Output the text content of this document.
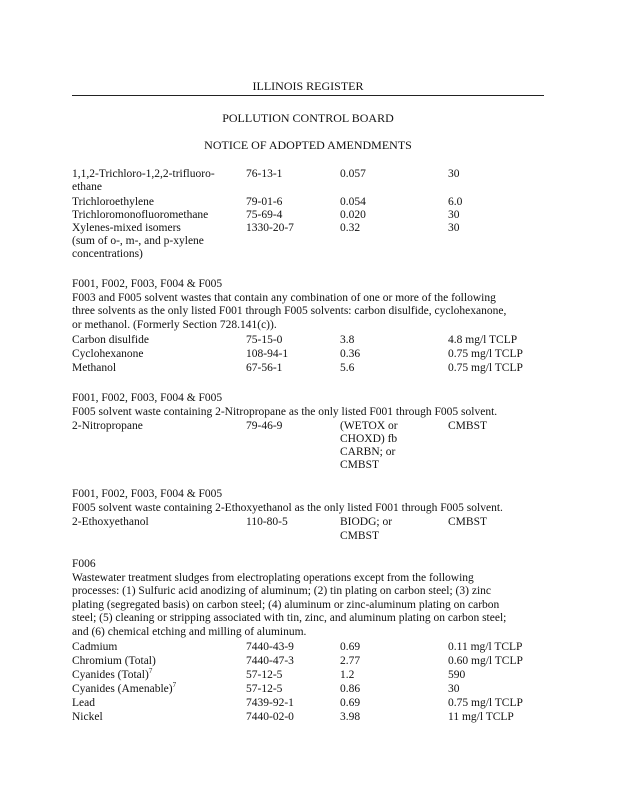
ILLINOIS REGISTER
POLLUTION CONTROL BOARD
NOTICE OF ADOPTED AMENDMENTS
1,1,2-Trichloro-1,2,2-trifluoro-	76-13-1	0.057	30
ethane
Trichloroethylene	79-01-6	0.054	6.0
Trichloromonofluoromethane	75-69-4	0.020	30
Xylenes-mixed isomers	1330-20-7	0.32	30
(sum of o-, m-, and p-xylene
concentrations)
F001, F002, F003, F004 & F005
F003 and F005 solvent wastes that contain any combination of one or more of the following
three solvents as the only listed F001 through F005 solvents: carbon disulfide, cyclohexanone,
or methanol. (Formerly Section 728.141(c)).
Carbon disulfide	75-15-0	3.8	4.8 mg/l TCLP
Cyclohexanone	108-94-1	0.36	0.75 mg/l TCLP
Methanol	67-56-1	5.6	0.75 mg/l TCLP
F001, F002, F003, F004 & F005
F005 solvent waste containing 2-Nitropropane as the only listed F001 through F005 solvent.
2-Nitropropane	79-46-9	(WETOX or	CMBST
CHOXD) fb
CARBN; or
CMBST
F001, F002, F003, F004 & F005
F005 solvent waste containing 2-Ethoxyethanol as the only listed F001 through F005 solvent.
2-Ethoxyethanol	110-80-5	BIODG; or	CMBST
CMBST
F006
Wastewater treatment sludges from electroplating operations except from the following
processes: (1) Sulfuric acid anodizing of aluminum; (2) tin plating on carbon steel; (3) zinc
plating (segregated basis) on carbon steel; (4) aluminum or zinc-aluminum plating on carbon
steel; (5) cleaning or stripping associated with tin, zinc, and aluminum plating on carbon steel;
and (6) chemical etching and milling of aluminum.
Cadmium	7440-43-9	0.69	0.11 mg/l TCLP
Chromium (Total)	7440-47-3	2.77	0.60 mg/l TCLP
Cyanides (Total)$^7$	57-12-5	1.2	590
Cyanides (Amenable)$^7$	57-12-5	0.86	30
Lead	7439-92-1	0.69	0.75 mg/l TCLP
Nickel	7440-02-0	3.98	11 mg/l TCLP
